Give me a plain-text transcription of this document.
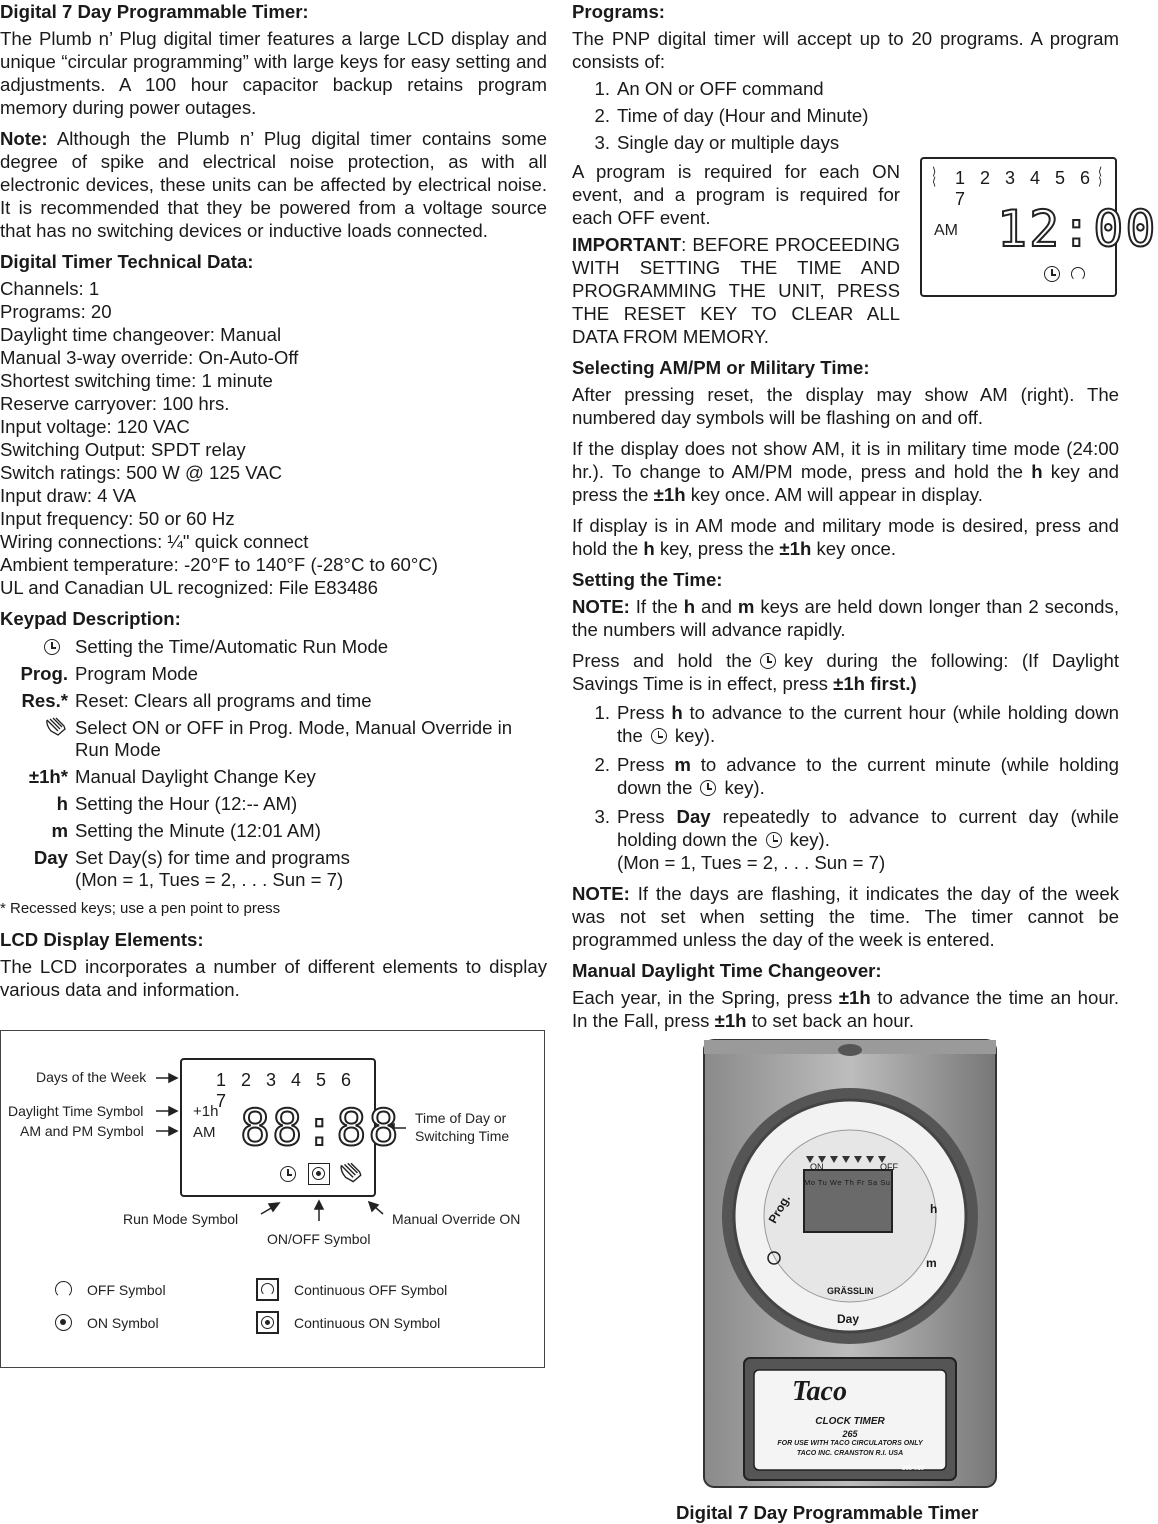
Digital 7 Day Programmable Timer:

The Plumb n’ Plug digital timer features a large LCD display and unique “circular programming” with large keys for easy setting and adjustments. A 100 hour capacitor backup retains program memory during power outages.

Note: Although the Plumb n’ Plug digital timer contains some degree of spike and electrical noise protection, as with all electronic devices, these units can be affected by electrical noise. It is recommended that they be powered from a voltage source that has no switching devices or inductive loads connected.

Digital Timer Technical Data:
Channels: 1
Programs: 20
Daylight time changeover: Manual
Manual 3-way override: On-Auto-Off
Shortest switching time: 1 minute
Reserve carryover: 100 hrs.
Input voltage: 120 VAC
Switching Output: SPDT relay
Switch ratings: 500 W @ 125 VAC
Input draw: 4 VA
Input frequency: 50 or 60 Hz
Wiring connections: ¼" quick connect
Ambient temperature: -20°F to 140°F (-28°C to 60°C)
UL and Canadian UL recognized: File E83486
Keypad Description:
Setting the Time/Automatic Run Mode
Prog. Program Mode
Res.* Reset: Clears all programs and time
Select ON or OFF in Prog. Mode, Manual Override in Run Mode
±1h* Manual Daylight Change Key
h Setting the Hour (12:-- AM)
m Setting the Minute (12:01 AM)
Day Set Day(s) for time and programs
(Mon = 1, Tues = 2, . . . Sun = 7)
* Recessed keys; use a pen point to press
LCD Display Elements:

The LCD incorporates a number of different elements to display various data and information.

Days of the Week
Daylight Time Symbol
AM and PM Symbol
Time of Day or
Switching Time
Run Mode Symbol	Manual Override ON
ON/OFF Symbol
1 2 3 4 5 6 7
+1h
AM 88:88
OFF Symbol
ON Symbol
Continuous OFF Symbol
Continuous ON Symbol
Programs:

The PNP digital timer will accept up to 20 programs. A program consists of:

1. An ON or OFF command
2. Time of day (Hour and Minute)
3. Single day or multiple days

A program is required for each ON event, and a program is required for each OFF event.

IMPORTANT: BEFORE PROCEEDING WITH SETTING THE TIME AND PROGRAMMING THE UNIT, PRESS THE RESET KEY TO CLEAR ALL DATA FROM MEMORY.

Selecting AM/PM or Military Time:

After pressing reset, the display may show AM (right). The numbered day symbols will be flashing on and off.

If the display does not show AM, it is in military time mode (24:00 hr.). To change to AM/PM mode, press and hold the h key and press the ±1h key once. AM will appear in display.

If display is in AM mode and military mode is desired, press and hold the h key, press the ±1h key once.

Setting the Time:

NOTE: If the h and m keys are held down longer than 2 seconds, the numbers will advance rapidly.

Press and hold the key during the following: (If Daylight Savings Time is in effect, press ±1h first.)

1. Press h to advance to the current hour (while holding down the key).
2. Press m to advance to the current minute (while holding down the key).
3. Press Day repeatedly to advance to current day (while holding down the key).
(Mon = 1, Tues = 2, . . . Sun = 7)

NOTE: If the days are flashing, it indicates the day of the week was not set when setting the time. The timer cannot be programmed unless the day of the week is entered.

Manual Daylight Time Changeover:

Each year, in the Spring, press ±1h to advance the time an hour. In the Fall, press ±1h to set back an hour.

⟩
⟨ 1 2 3 4 5 6 7
⟨
⟩
AM 12:00
ON	OFF
Mo Tu We Th Fr Sa Su
GRÄSSLIN
Prog.
Day
h
m
Taco
CLOCK TIMER
265
FOR USE WITH TACO CIRCULATORS ONLY
TACO INC. CRANSTON R.I. USA
265-016
Digital 7 Day Programmable Timer
